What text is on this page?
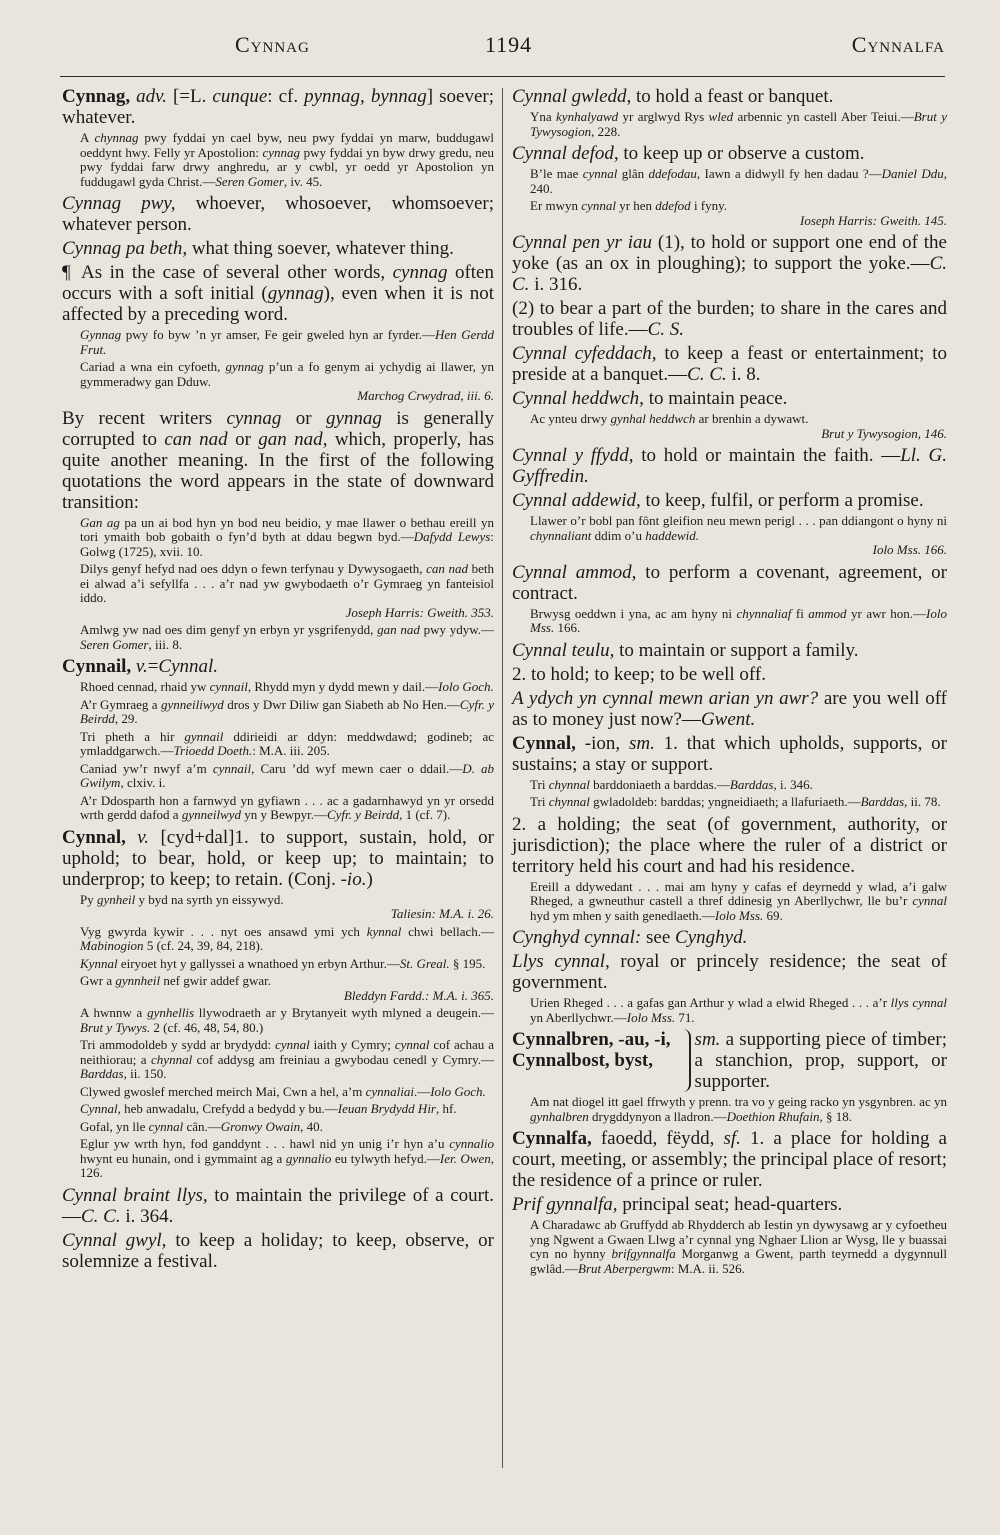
Cynnag	1194	Cynnalfa
Cynnag, adv. [=L. cunque: cf. pynnag, bynnag] soever; whatever.

A chynnag pwy fyddai yn cael byw, neu pwy fyddai yn marw, buddugawl oeddynt hwy. Felly yr Apostolion: cynnag pwy fyddai yn byw drwy gredu, neu pwy fyddai farw drwy anghredu, ar y cwbl, yr oedd yr Apostolion yn fuddugawl gyda Christ.—Seren Gomer, iv. 45.

Cynnag pwy, whoever, whosoever, whomsoever; whatever person.
Cynnag pa beth, what thing soever, whatever thing.
¶ As in the case of several other words, cynnag often occurs with a soft initial (gynnag), even when it is not affected by a preceding word.

Gynnag pwy fo byw ’n yr amser, Fe geir gweled hyn ar fyrder.—Hen Gerdd Frut.

Cariad a wna ein cyfoeth, gynnag p’un a fo genym ai ychydig ai llawer, yn gymmeradwy gan Dduw.
Marchog Crwydrad, iii. 6.

By recent writers cynnag or gynnag is generally corrupted to can nad or gan nad, which, properly, has quite another meaning. In the first of the following quotations the word appears in the state of downward transition:

Gan ag pa un ai bod hyn yn bod neu beidio, y mae llawer o bethau ereill yn tori ymaith bob gobaith o fyn’d byth at ddau begwn byd.—Dafydd Lewys: Golwg (1725), xvii. 10.

Dilys genyf hefyd nad oes ddyn o fewn terfynau y Dywysogaeth, can nad beth ei alwad a’i sefyllfa . . . a’r nad yw gwybodaeth o’r Gymraeg yn fanteisiol iddo.
Joseph Harris: Gweith. 353.

Amlwg yw nad oes dim genyf yn erbyn yr ysgrifenydd, gan nad pwy ydyw.—Seren Gomer, iii. 8.

Cynnail, v.=Cynnal.

Rhoed cennad, rhaid yw cynnail, Rhydd myn y dydd mewn y dail.—Iolo Goch.

A’r Gymraeg a gynneiliwyd dros y Dwr Diliw gan Siabeth ab No Hen.—Cyfr. y Beirdd, 29.

Tri pheth a hir gynnail ddirieidi ar ddyn: meddwdawd; godineb; ac ymladdgarwch.—Trioedd Doeth.: M.A. iii. 205.

Caniad yw’r nwyf a’m cynnail, Caru ’dd wyf mewn caer o ddail.—D. ab Gwilym, clxiv. i.

A’r Ddosparth hon a farnwyd yn gyfiawn . . . ac a gadarnhawyd yn yr orsedd wrth gerdd dafod a gynneilwyd yn y Bewpyr.—Cyfr. y Beirdd, 1 (cf. 7).

Cynnal, v. [cyd+dal]1. to support, sustain, hold, or uphold; to bear, hold, or keep up; to maintain; to underprop; to keep; to retain. (Conj. -io.)

Py gynheil y byd na syrth yn eissywyd.
Taliesin: M.A. i. 26.

Vyg gwyrda kywir . . . nyt oes ansawd ymi ych kynnal chwi bellach.—Mabinogion 5 (cf. 24, 39, 84, 218).

Kynnal eiryoet hyt y gallyssei a wnathoed yn erbyn Arthur.—St. Greal. § 195.

Gwr a gynnheil nef gwir addef gwar.
Bleddyn Fardd.: M.A. i. 365.

A hwnnw a gynhellis llywodraeth ar y Brytanyeit wyth mlyned a deugein.—Brut y Tywys. 2 (cf. 46, 48, 54, 80.)

Tri ammodoldeb y sydd ar brydydd: cynnal iaith y Cymry; cynnal cof achau a neithiorau; a chynnal cof addysg am freiniau a gwybodau cenedl y Cymry.—Barddas, ii. 150.

Clywed gwoslef merched meirch Mai, Cwn a hel, a’m cynnaliai.—Iolo Goch.

Cynnal, heb anwadalu, Crefydd a bedydd y bu.—Ieuan Brydydd Hir, hf.

Gofal, yn lle cynnal cân.—Gronwy Owain, 40.

Eglur yw wrth hyn, fod ganddynt . . . hawl nid yn unig i’r hyn a’u cynnalio hwynt eu hunain, ond i gymmaint ag a gynnalio eu tylwyth hefyd.—Ier. Owen, 126.

Cynnal braint llys, to maintain the privilege of a court.—C. C. i. 364.
Cynnal gwyl, to keep a holiday; to keep, observe, or solemnize a festival.
Cynnal gwledd, to hold a feast or banquet.

Yna kynhalyawd yr arglwyd Rys wled arbennic yn castell Aber Teiui.—Brut y Tywysogion, 228.

Cynnal defod, to keep up or observe a custom.

B’le mae cynnal glân ddefodau, Iawn a didwyll fy hen dadau ?—Daniel Ddu, 240.

Er mwyn cynnal yr hen ddefod i fyny.
Ioseph Harris: Gweith. 145.

Cynnal pen yr iau (1), to hold or support one end of the yoke (as an ox in ploughing); to support the yoke.—C. C. i. 316.
(2) to bear a part of the burden; to share in the cares and troubles of life.—C. S.
Cynnal cyfeddach, to keep a feast or entertainment; to preside at a banquet.—C. C. i. 8.
Cynnal heddwch, to maintain peace.

Ac ynteu drwy gynhal heddwch ar brenhin a dywawt.
Brut y Tywysogion, 146.

Cynnal y ffydd, to hold or maintain the faith. —Ll. G. Gyffredin.
Cynnal addewid, to keep, fulfil, or perform a promise.

Llawer o’r bobl pan fônt gleifion neu mewn perigl . . . pan ddiangont o hyny ni chynnaliant ddim o’u haddewid.
Iolo Mss. 166.

Cynnal ammod, to perform a covenant, agreement, or contract.

Brwysg oeddwn i yna, ac am hyny ni chynnaliaf fi ammod yr awr hon.—Iolo Mss. 166.

Cynnal teulu, to maintain or support a family.
2. to hold; to keep; to be well off.
A ydych yn cynnal mewn arian yn awr? are you well off as to money just now?—Gwent.
Cynnal, -ion, sm. 1. that which upholds, supports, or sustains; a stay or support.

Tri chynnal barddoniaeth a barddas.—Barddas, i. 346.

Tri chynnal gwladoldeb: barddas; yngneidiaeth; a llafuriaeth.—Barddas, ii. 78.

2. a holding; the seat (of government, authority, or jurisdiction); the place where the ruler of a district or territory held his court and had his residence.

Ereill a ddywedant . . . mai am hyny y cafas ef deyrnedd y wlad, a’i galw Rheged, a gwneuthur castell a thref ddinesig yn Aberllychwr, lle bu’r cynnal hyd ym mhen y saith genedlaeth.—Iolo Mss. 69.

Cynghyd cynnal: see Cynghyd.
Llys cynnal, royal or princely residence; the seat of government.

Urien Rheged . . . a gafas gan Arthur y wlad a elwid Rheged . . . a’r llys cynnal yn Aberllychwr.—Iolo Mss. 71.

Cynnalbren, -au, -i,
Cynnalbost, byst,
sm. a supporting piece of timber; a stanchion, prop, support, or supporter.

Am nat diogel itt gael ffrwyth y prenn. tra vo y geing racko yn ysgynbren. ac yn gynhalbren drygddynyon a lladron.—Doethion Rhufain, § 18.

Cynnalfa, faoedd, fëydd, sf. 1. a place for holding a court, meeting, or assembly; the principal place of resort; the residence of a prince or ruler.
Prif gynnalfa, principal seat; head-quarters.

A Charadawc ab Gruffydd ab Rhydderch ab Iestin yn dywysawg ar y cyfoetheu yng Ngwent a Gwaen Llwg a’r cynnal yng Nghaer Llion ar Wysg, lle y buassai cyn no hynny brifgynnalfa Morganwg a Gwent, parth teyrnedd a dygynnull gwlâd.—Brut Aberpergwm: M.A. ii. 526.
